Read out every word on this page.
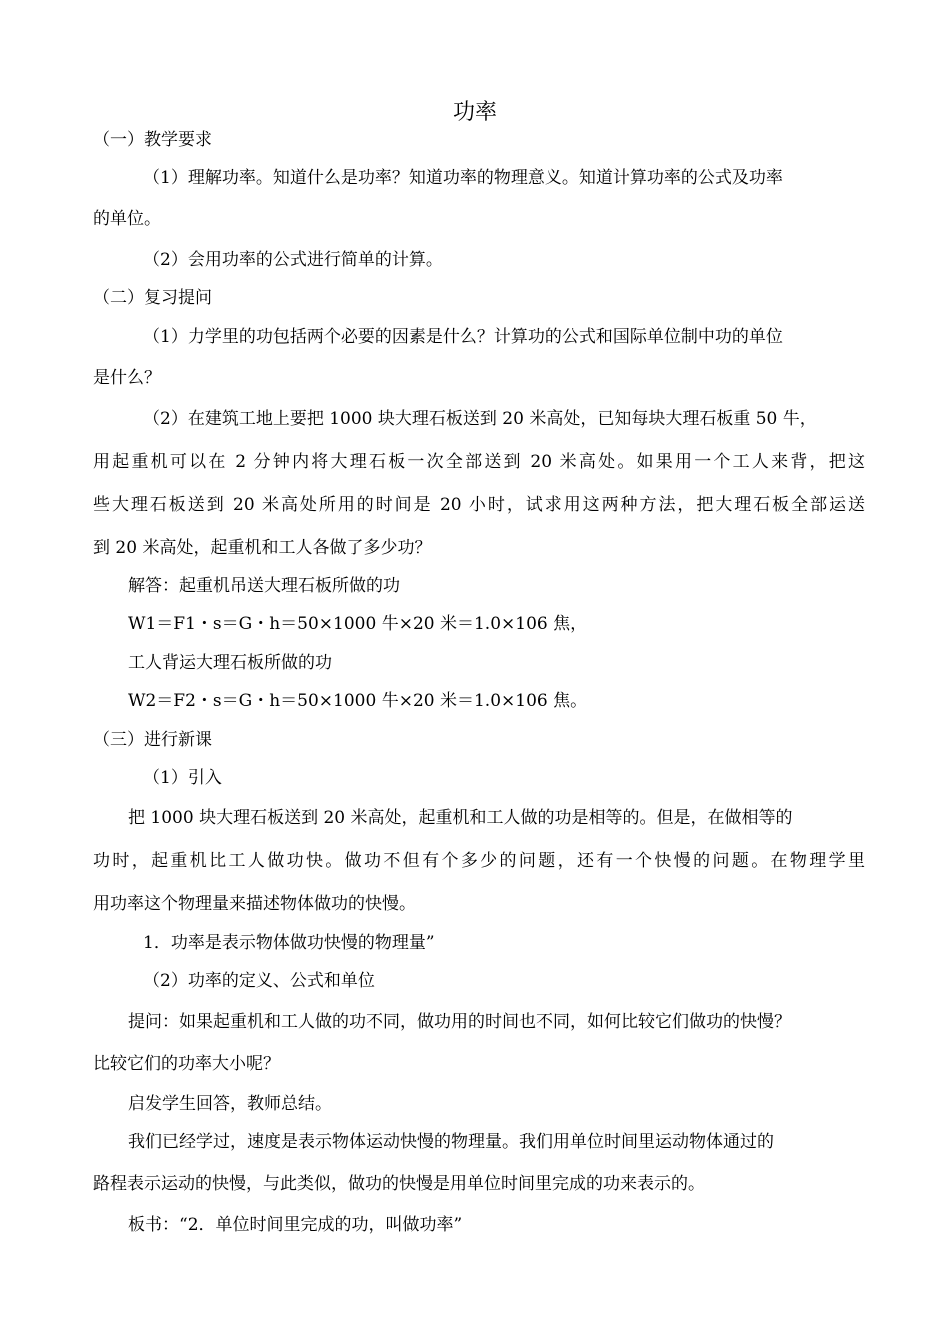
功率
（一）教学要求
（1）理解功率。知道什么是功率？知道功率的物理意义。知道计算功率的公式及功率
的单位。
（2）会用功率的公式进行简单的计算。
（二）复习提问
（1）力学里的功包括两个必要的因素是什么？计算功的公式和国际单位制中功的单位
是什么？
（2）在建筑工地上要把 1000 块大理石板送到 20 米高处，已知每块大理石板重 50 牛，
用起重机可以在 2 分钟内将大理石板一次全部送到 20 米高处。如果用一个工人来背，把这
些大理石板送到 20 米高处所用的时间是 20 小时，试求用这两种方法，把大理石板全部运送
到 20 米高处，起重机和工人各做了多少功？
解答：起重机吊送大理石板所做的功
W1＝F1・s＝G・h＝50×1000 牛×20 米＝1.0×106 焦，
工人背运大理石板所做的功
W2＝F2・s＝G・h＝50×1000 牛×20 米＝1.0×106 焦。
（三）进行新课
（1）引入
把 1000 块大理石板送到 20 米高处，起重机和工人做的功是相等的。但是，在做相等的
功时，起重机比工人做功快。做功不但有个多少的问题，还有一个快慢的问题。在物理学里
用功率这个物理量来描述物体做功的快慢。
1．功率是表示物体做功快慢的物理量”
（2）功率的定义、公式和单位
提问：如果起重机和工人做的功不同，做功用的时间也不同，如何比较它们做功的快慢？
比较它们的功率大小呢？
启发学生回答，教师总结。
我们已经学过，速度是表示物体运动快慢的物理量。我们用单位时间里运动物体通过的
路程表示运动的快慢，与此类似，做功的快慢是用单位时间里完成的功来表示的。
板书：“2．单位时间里完成的功，叫做功率”
